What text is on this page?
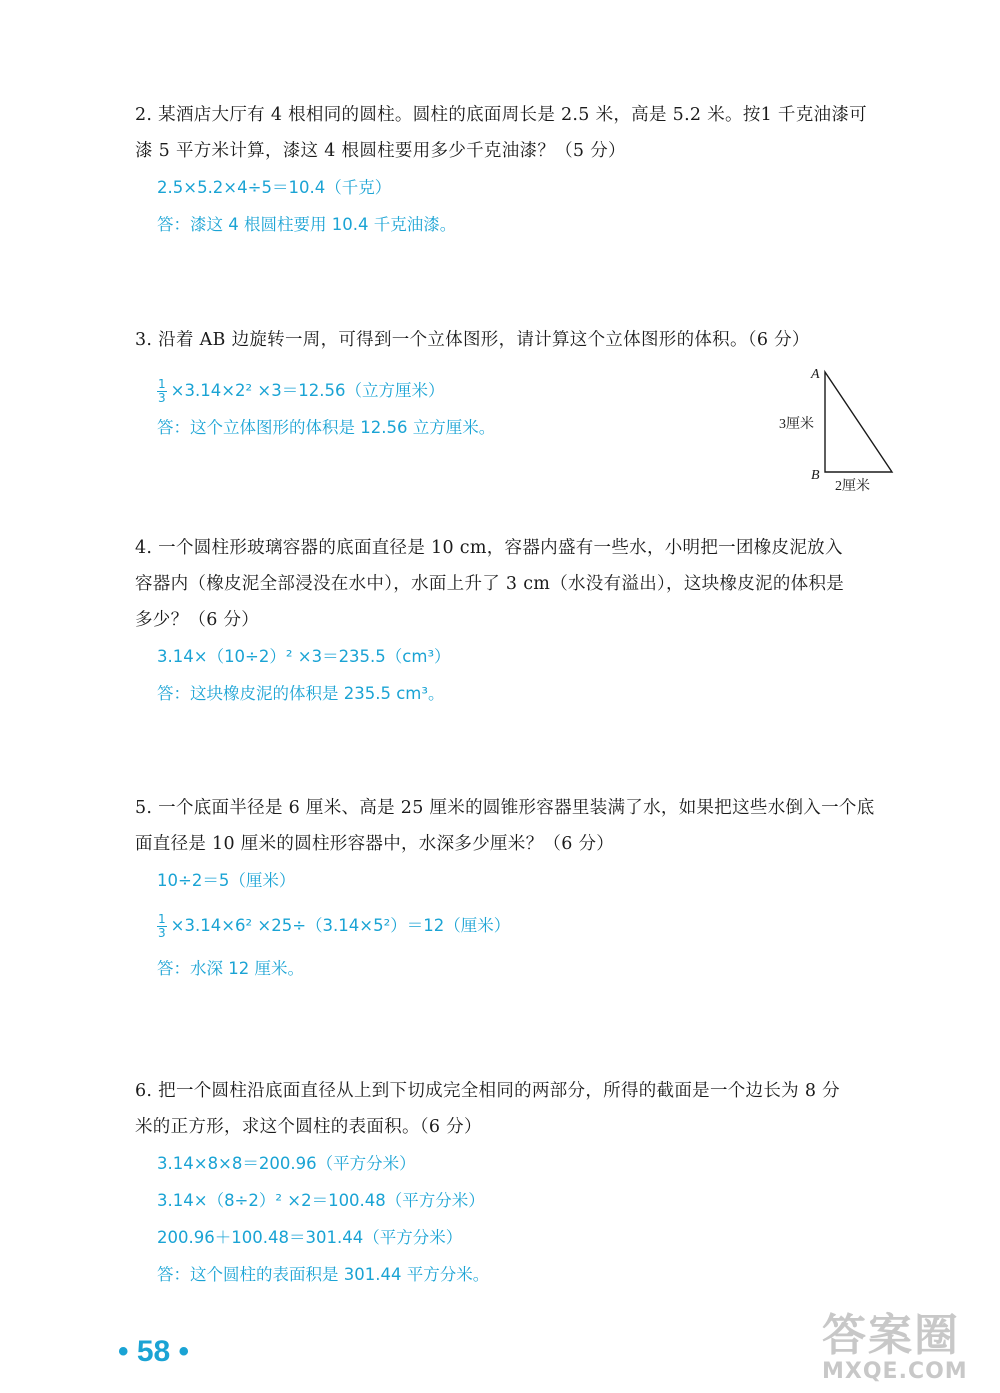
2. 某酒店大厅有 4 根相同的圆柱。圆柱的底面周长是 2.5 米，高是 5.2 米。按1 千克油漆可
漆 5 平方米计算，漆这 4 根圆柱要用多少千克油漆？（5 分）
2.5×5.2×4÷5＝10.4（千克）
答：漆这 4 根圆柱要用 10.4 千克油漆。
3. 沿着 AB 边旋转一周，可得到一个立体图形，请计算这个立体图形的体积。（6 分）
$\frac{1}{3} \times 3.14\times 2^2 \times 3=12.56$（立方厘米）
答：这个立体图形的体积是 12.56 立方厘米。
A
B
3厘米
2厘米
4. 一个圆柱形玻璃容器的底面直径是 10 cm，容器内盛有一些水，小明把一团橡皮泥放入
容器内（橡皮泥全部浸没在水中），水面上升了 3 cm（水没有溢出），这块橡皮泥的体积是
多少？（6 分）
3.14×（10÷2）² ×3＝235.5（cm³）
答：这块橡皮泥的体积是 235.5 cm³。
5. 一个底面半径是 6 厘米、高是 25 厘米的圆锥形容器里装满了水，如果把这些水倒入一个底
面直径是 10 厘米的圆柱形容器中，水深多少厘米？（6 分）
10÷2＝5（厘米）
$\frac{1}{3} \times 3.14\times 6^2 \times 25\div(3.14\times 5^2)=12$（厘米）
答：水深 12 厘米。
6. 把一个圆柱沿底面直径从上到下切成完全相同的两部分，所得的截面是一个边长为 8 分
米的正方形，求这个圆柱的表面积。（6 分）
3.14×8×8＝200.96（平方分米）
3.14×（8÷2）² ×2＝100.48（平方分米）
200.96＋100.48＝301.44（平方分米）
答：这个圆柱的表面积是 301.44 平方分米。
• 58 •	答案圈
MXQE.COM
